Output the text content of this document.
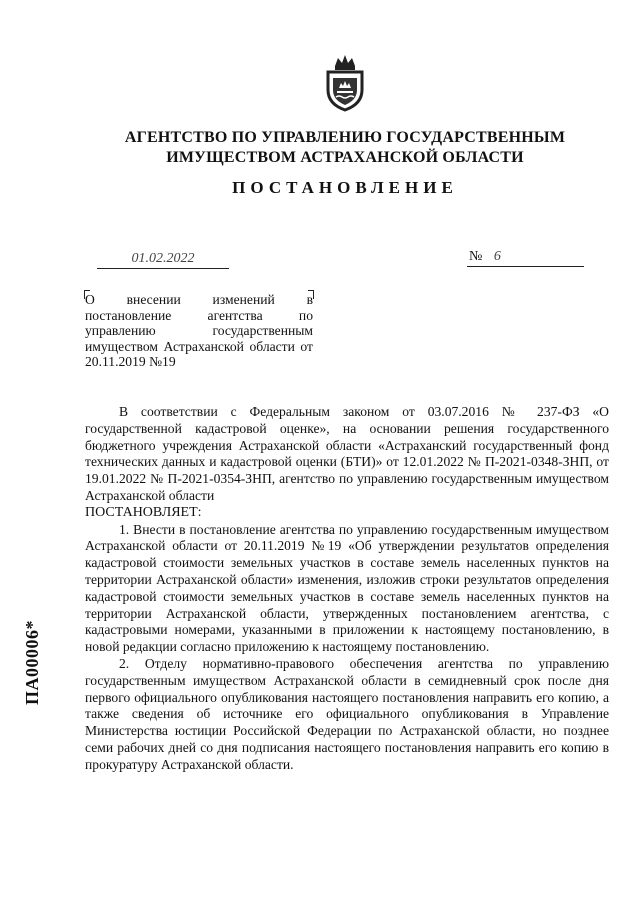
АГЕНТСТВО ПО УПРАВЛЕНИЮ ГОСУДАРСТВЕННЫМ
ИМУЩЕСТВОМ АСТРАХАНСКОЙ ОБЛАСТИ
ПОСТАНОВЛЕНИЕ
01.02.2022	№ 6
О внесении изменений в постановление агентства по управлению государственным имуществом Астраханской области от 20.11.2019 №19

В соответствии с Федеральным законом от 03.07.2016 № 237-ФЗ «О государственной кадастровой оценке», на основании решения государственного бюджетного учреждения Астраханской области «Астраханский государственный фонд технических данных и кадастровой оценки (БТИ)» от 12.01.2022 № П-2021-0348-ЗНП, от 19.01.2022 № П-2021-0354-ЗНП, агентство по управлению государственным имуществом Астраханской области

ПОСТАНОВЛЯЕТ:

1. Внести в постановление агентства по управлению государственным имуществом Астраханской области от 20.11.2019 №19 «Об утверждении результатов определения кадастровой стоимости земельных участков в составе земель населенных пунктов на территории Астраханской области» изменения, изложив строки результатов определения кадастровой стоимости земельных участков в составе земель населенных пунктов на территории Астраханской области, утвержденных постановлением агентства, с кадастровыми номерами, указанными в приложении к настоящему постановлению, в новой редакции согласно приложению к настоящему постановлению.

2. Отделу нормативно-правового обеспечения агентства по управлению государственным имуществом Астраханской области в семидневный срок после дня первого официального опубликования настоящего постановления направить его копию, а также сведения об источнике его официального опубликования в Управление Министерства юстиции Российской Федерации по Астраханской области, но позднее семи рабочих дней со дня подписания настоящего постановления направить его копию в прокуратуру Астраханской области.

ПА00006*
